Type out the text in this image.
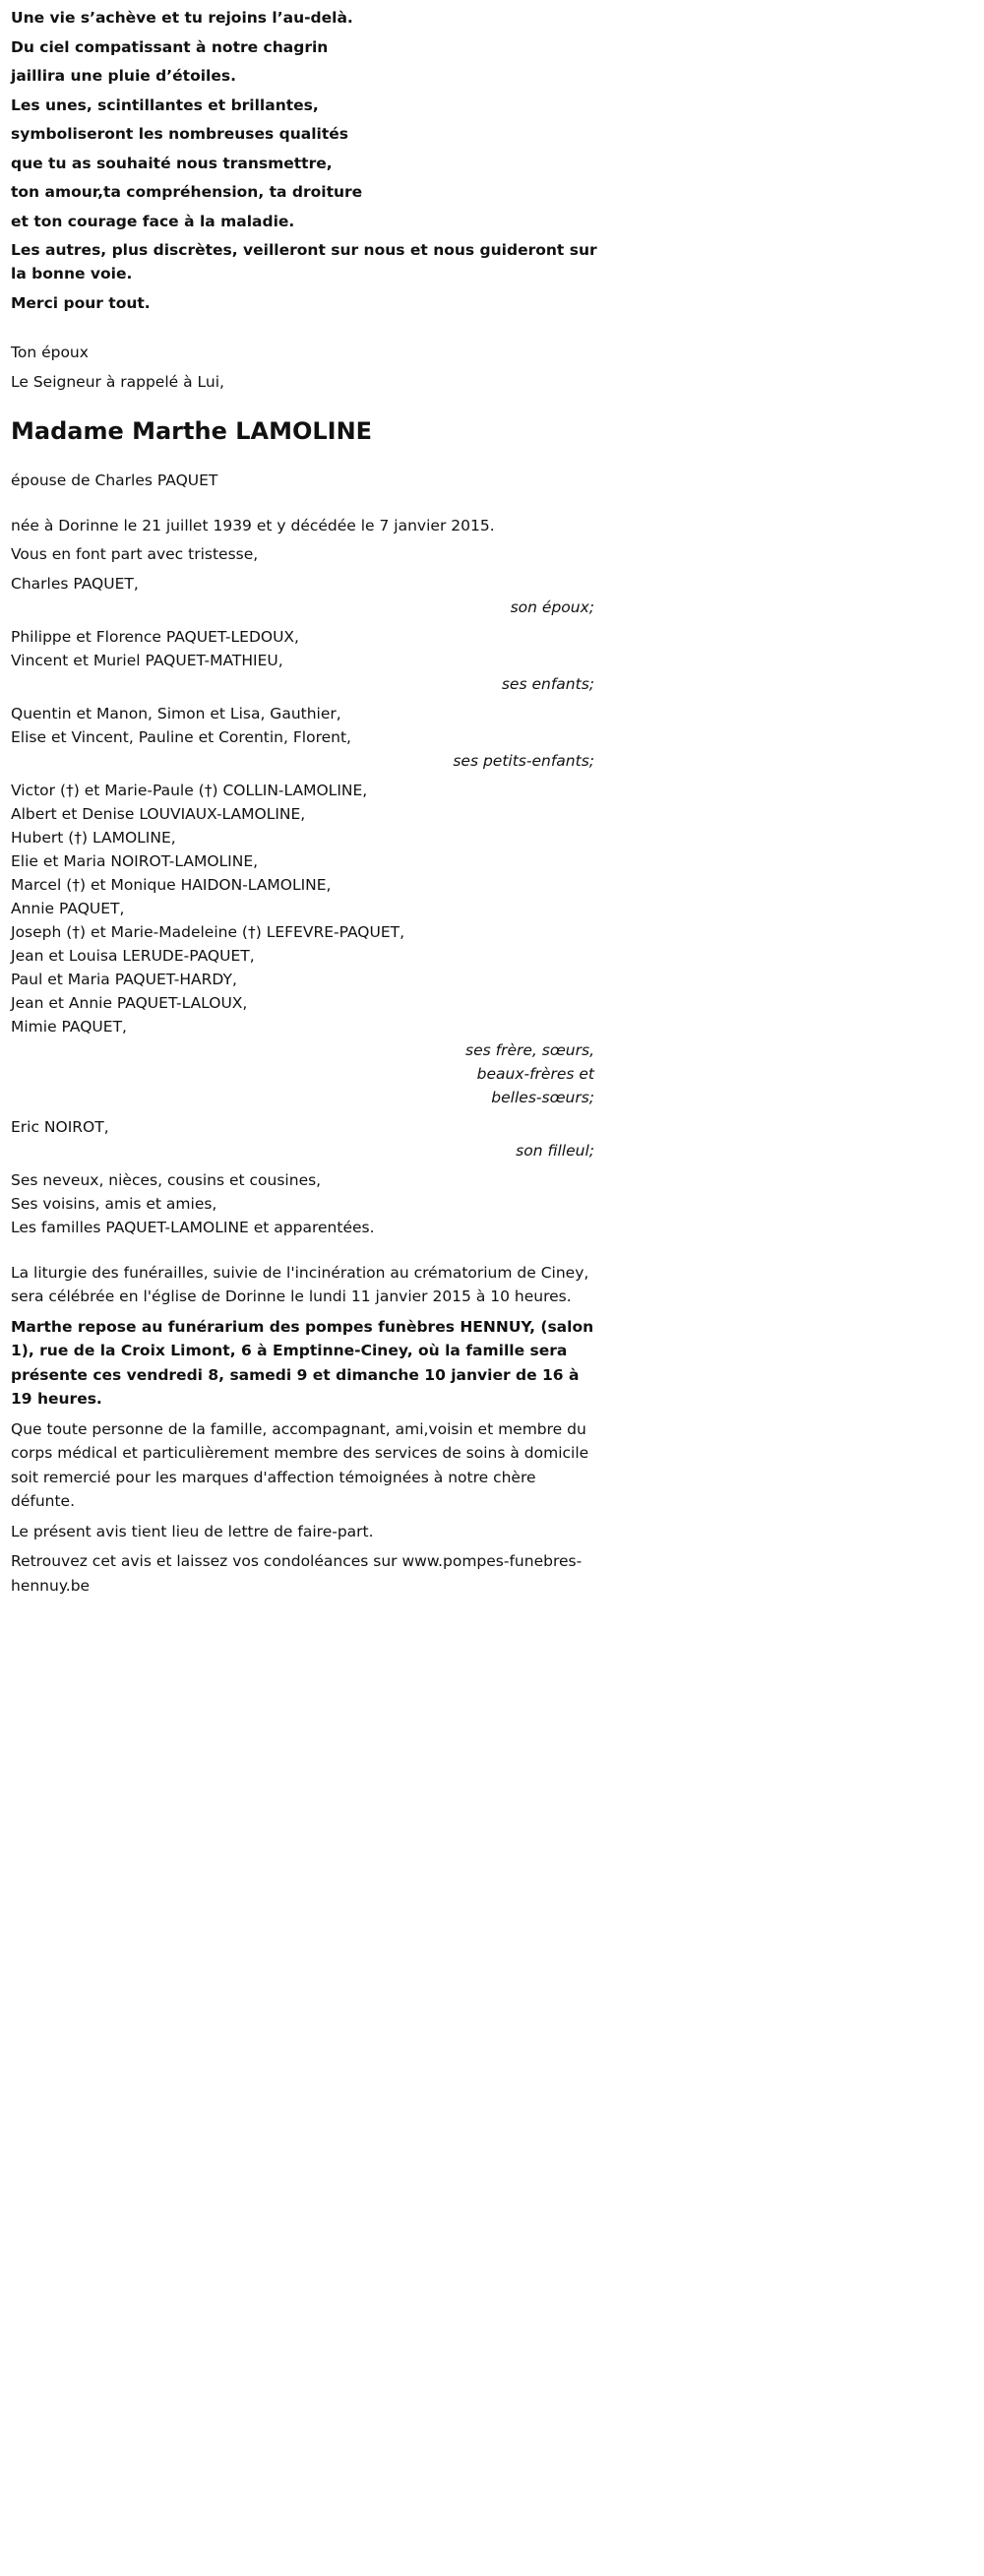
Une vie s’achève et tu rejoins l’au-delà.
Du ciel compatissant à notre chagrin
jaillira une pluie d’étoiles.
Les unes, scintillantes et brillantes,
symboliseront les nombreuses qualités
que tu as souhaité nous transmettre,
ton amour,ta compréhension, ta droiture
et ton courage face à la maladie.
Les autres, plus discrètes, veilleront sur nous et nous guideront sur la bonne voie.
Merci pour tout.
Ton époux
Le Seigneur à rappelé à Lui,
Madame Marthe LAMOLINE
épouse de Charles PAQUET
née à Dorinne le 21 juillet 1939 et y décédée le 7 janvier 2015.
Vous en font part avec tristesse,
Charles PAQUET,
son époux;
Philippe et Florence PAQUET-LEDOUX,
Vincent et Muriel PAQUET-MATHIEU,
ses enfants;
Quentin et Manon, Simon et Lisa, Gauthier,
Elise et Vincent, Pauline et Corentin, Florent,
ses petits-enfants;
Victor (†) et Marie-Paule (†) COLLIN-LAMOLINE,
Albert et Denise LOUVIAUX-LAMOLINE,
Hubert (†) LAMOLINE,
Elie et Maria NOIROT-LAMOLINE,
Marcel (†) et Monique HAIDON-LAMOLINE,
Annie PAQUET,
Joseph (†) et Marie-Madeleine (†) LEFEVRE-PAQUET,
Jean et Louisa LERUDE-PAQUET,
Paul et Maria PAQUET-HARDY,
Jean et Annie PAQUET-LALOUX,
Mimie PAQUET,
ses frère, sœurs,
beaux-frères et
belles-sœurs;
Eric NOIROT,
son filleul;
Ses neveux, nièces, cousins et cousines,
Ses voisins, amis et amies,
Les familles PAQUET-LAMOLINE et apparentées.
La liturgie des funérailles, suivie de l'incinération au crématorium de Ciney, sera célébrée en l'église de Dorinne le lundi 11 janvier 2015 à 10 heures.
Marthe repose au funérarium des pompes funèbres HENNUY, (salon 1), rue de la Croix Limont, 6 à Emptinne-Ciney, où la famille sera présente ces vendredi 8, samedi 9 et dimanche 10 janvier de 16 à 19 heures.
Que toute personne de la famille, accompagnant, ami,voisin et membre du corps médical et particulièrement membre des services de soins à domicile soit remercié pour les marques d'affection témoignées à notre chère défunte.
Le présent avis tient lieu de lettre de faire-part.
Retrouvez cet avis et laissez vos condoléances sur www.pompes-funebres-hennuy.be
